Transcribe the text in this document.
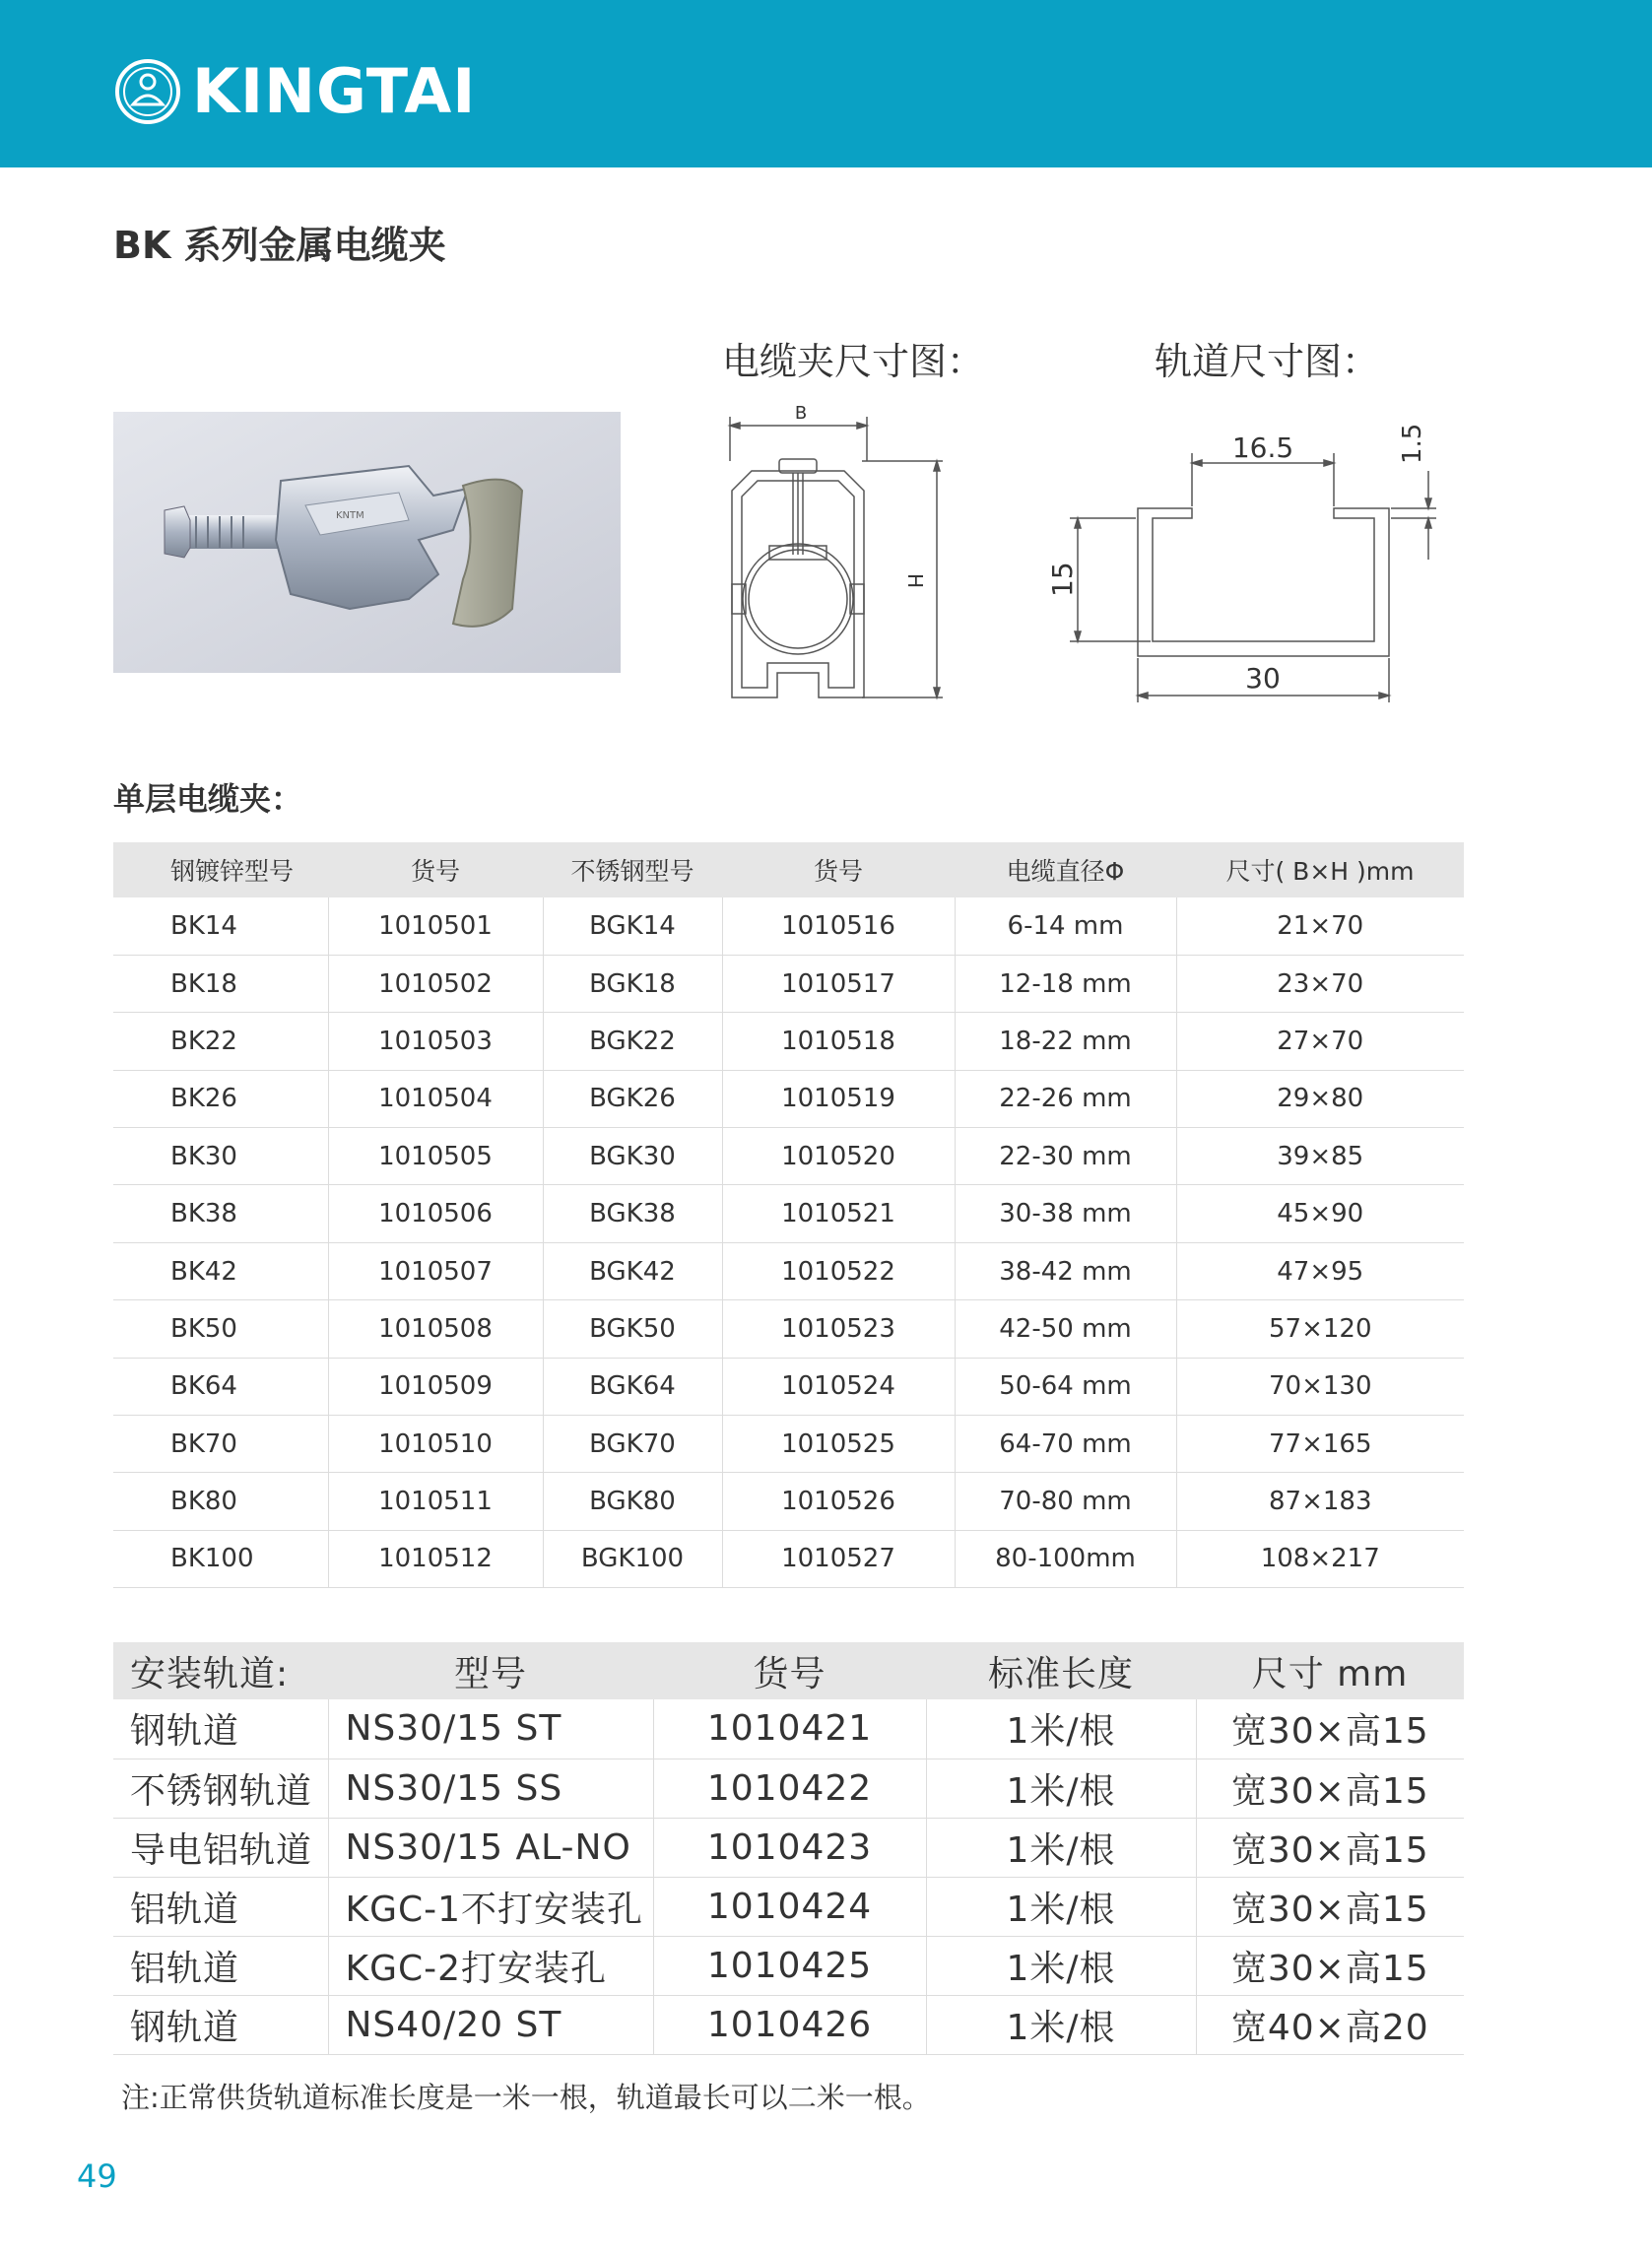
KINGTAI
BK 系列金属电缆夹
KNTM
电缆夹尺寸图：	轨道尺寸图：
B
H
16.5	1.5
15
30
单层电缆夹：
钢镀锌型号	货号	不锈钢型号	货号	电缆直径Φ	尺寸( B×H )mm
BK14	1010501	BGK14	1010516	6-14 mm	21×70
BK18	1010502	BGK18	1010517	12-18 mm	23×70
BK22	1010503	BGK22	1010518	18-22 mm	27×70
BK26	1010504	BGK26	1010519	22-26 mm	29×80
BK30	1010505	BGK30	1010520	22-30 mm	39×85
BK38	1010506	BGK38	1010521	30-38 mm	45×90
BK42	1010507	BGK42	1010522	38-42 mm	47×95
BK50	1010508	BGK50	1010523	42-50 mm	57×120
BK64	1010509	BGK64	1010524	50-64 mm	70×130
BK70	1010510	BGK70	1010525	64-70 mm	77×165
BK80	1010511	BGK80	1010526	70-80 mm	87×183
BK100	1010512	BGK100	1010527	80-100mm	108×217
安装轨道:	型号	货号	标准长度	尺寸 mm
钢轨道	NS30/15 ST	1010421	1米/根	宽30×高15
不锈钢轨道	NS30/15 SS	1010422	1米/根	宽30×高15
导电铝轨道	NS30/15 AL-NO	1010423	1米/根	宽30×高15
铝轨道	KGC-1不打安装孔	1010424	1米/根	宽30×高15
铝轨道	KGC-2打安装孔	1010425	1米/根	宽30×高15
钢轨道	NS40/20 ST	1010426	1米/根	宽40×高20
注:正常供货轨道标准长度是一米一根，轨道最长可以二米一根。
49
